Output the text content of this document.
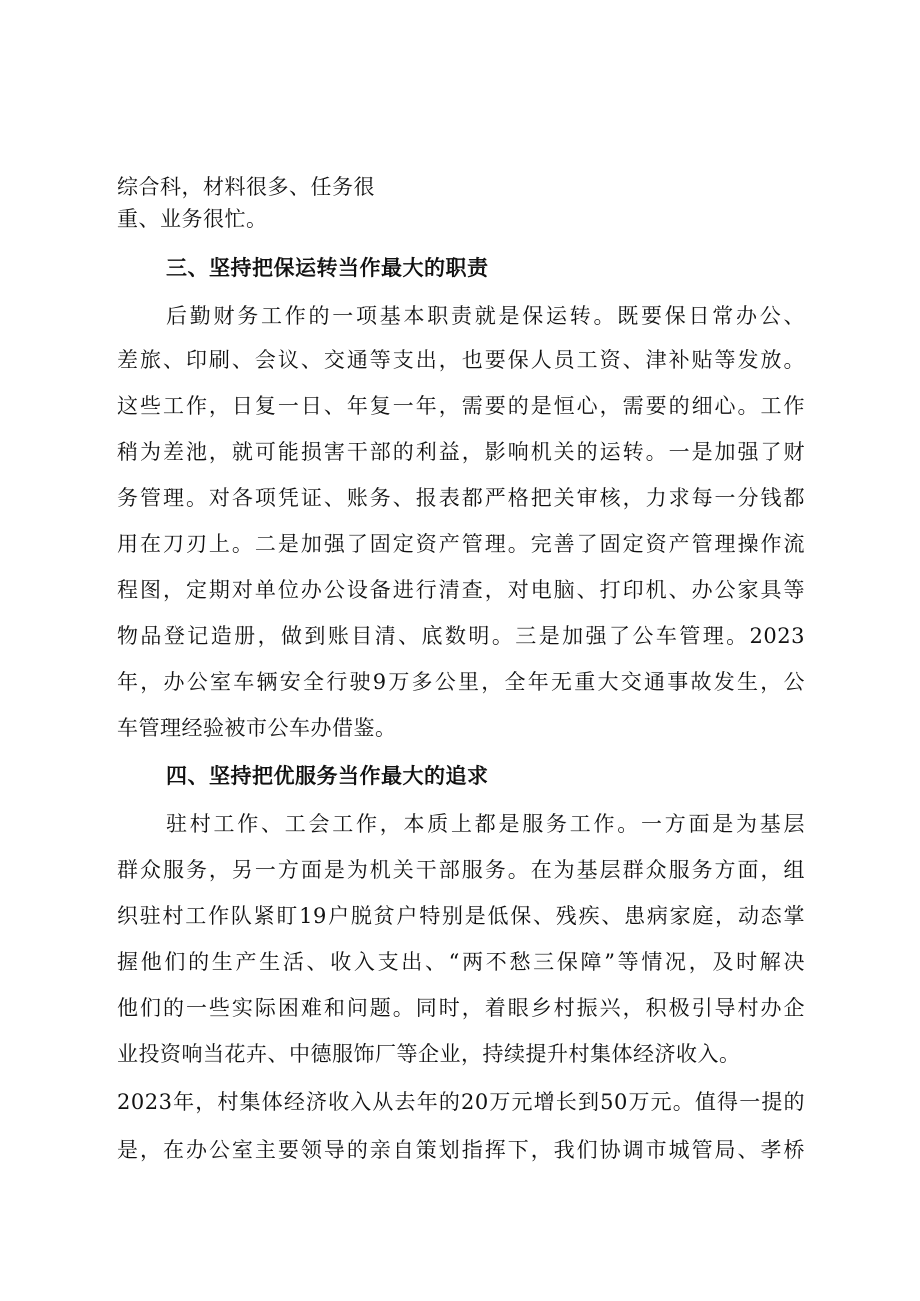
综合科，材料很多、任务很
重、业务很忙。
三、坚持把保运转当作最大的职责
后勤财务工作的一项基本职责就是保运转。既要保日常办公、
差旅、印刷、会议、交通等支出，也要保人员工资、津补贴等发放。
这些工作，日复一日、年复一年，需要的是恒心，需要的细心。工作
稍为差池，就可能损害干部的利益，影响机关的运转。一是加强了财
务管理。对各项凭证、账务、报表都严格把关审核，力求每一分钱都
用在刀刃上。二是加强了固定资产管理。完善了固定资产管理操作流
程图，定期对单位办公设备进行清查，对电脑、打印机、办公家具等
物品登记造册，做到账目清、底数明。三是加强了公车管理。2023
年，办公室车辆安全行驶9万多公里，全年无重大交通事故发生，公
车管理经验被市公车办借鉴。
四、坚持把优服务当作最大的追求
驻村工作、工会工作，本质上都是服务工作。一方面是为基层
群众服务，另一方面是为机关干部服务。在为基层群众服务方面，组
织驻村工作队紧盯19户脱贫户特别是低保、残疾、患病家庭，动态掌
握他们的生产生活、收入支出、“两不愁三保障”等情况，及时解决
他们的一些实际困难和问题。同时，着眼乡村振兴，积极引导村办企
业投资响当花卉、中德服饰厂等企业，持续提升村集体经济收入。
2023年，村集体经济收入从去年的20万元增长到50万元。值得一提的
是，在办公室主要领导的亲自策划指挥下，我们协调市城管局、孝桥
